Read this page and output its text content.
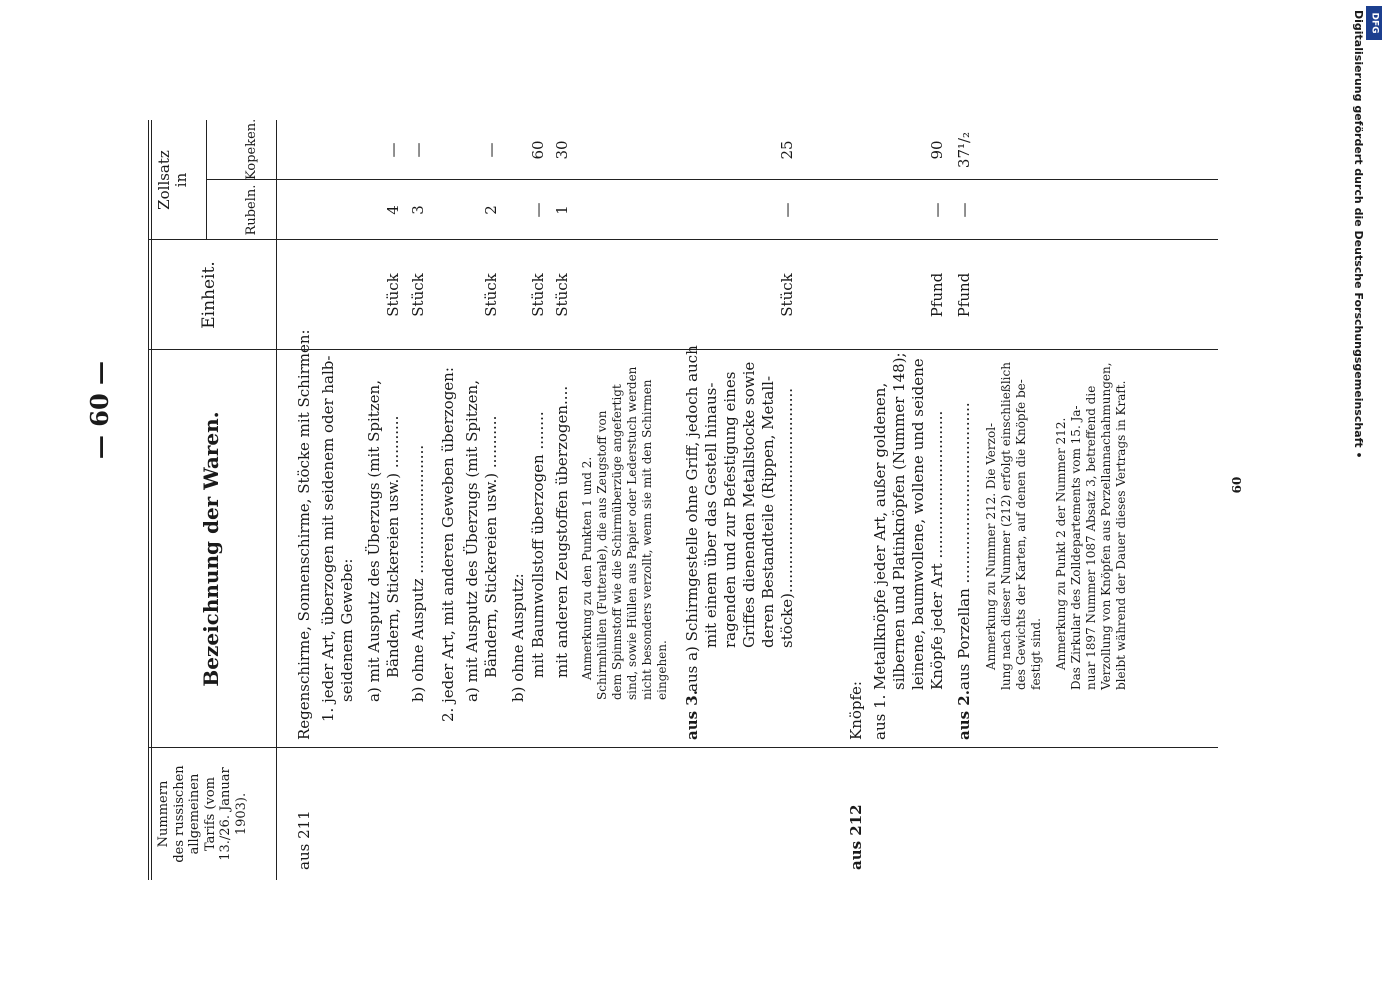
— 60 —
60
DFG
Digitalisierung gefördert durch die Deutsche Forschungsgemeinschaft •
Nummern des russischen allgemeinen Tarifs (vom 13./26. Januar 1903).
Bezeichnung der Waren.
Einheit.
Zollsatz in
Rubeln.
Kopeken.
aus 211
Regenschirme, Sonnenschirme, Stöcke mit Schirmen: 1. jeder Art, überzogen mit seidenem oder halb- seidenem Gewebe: a) mit Ausputz des Überzugs (mit Spitzen, Bändern, Stickereien usw.) ...........
Stück
4
—
b) ohne Ausputz ...........................
Stück
3
—
2. jeder Art, mit anderen Geweben überzogen: a) mit Ausputz des Überzugs (mit Spitzen, Bändern, Stickereien usw.) ...........
Stück
2
—
b) ohne Ausputz: mit Baumwollstoff überzogen ........
Stück
—
60
mit anderen Zeugstoffen überzogen....
Stück
1
30
Anmerkung zu den Punkten 1 und 2. Schirmhüllen (Futterale), die aus Zeugstoff von dem Spinnstoff wie die Schirmüberzüge angefertigt sind, sowie Hüllen aus Papier oder Lederstuch werden nicht besonders verzollt, wenn sie mit den Schirmen eingehen.
aus 3.
aus a) Schirmgestelle ohne Griff, jedoch auch mit einem über das Gestell hinaus- ragenden und zur Befestigung eines Griffes dienenden Metallstocke sowie deren Bestandteile (Rippen, Metall- stöcke)...........................................
Stück
—
25
aus 212
Knöpfe: aus 1.
Metallknöpfe jeder Art, außer goldenen, silbernen und Platinknöpfen (Nummer 148); leinene, baumwollene, wollene und seidene Knöpfe jeder Art ...............................
Pfund
—
90
aus 2.
aus Porzellan ......................................
Pfund
—
37¹/₂
Anmerkung zu Nummer 212. Die Verzol- lung nach dieser Nummer (212) erfolgt einschließlich des Gewichts der Karten, auf denen die Knöpfe be- festigt sind. Anmerkung zu Punkt 2 der Nummer 212. Das Zirkular des Zolldepartements vom 15. Ja- nuar 1897 Nummer 1087 Absatz 3, betreffend die Verzollung von Knöpfen aus Porzellannachahmungen, bleibt während der Dauer dieses Vertrags in Kraft.
